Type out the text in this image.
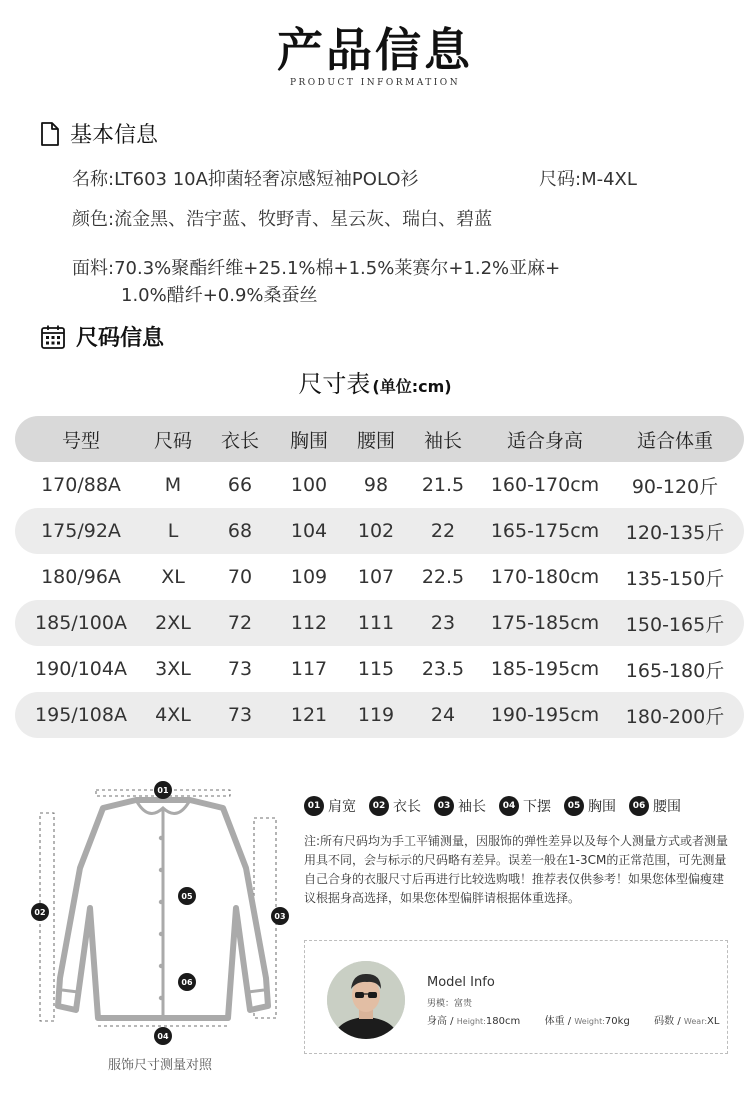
产品信息
PRODUCT INFORMATION
基本信息
名称:LT603 10A抑菌轻奢凉感短袖POLO衫	尺码:M-4XL
颜色:流金黑、浩宇蓝、牧野青、星云灰、瑞白、碧蓝
面料:70.3%聚酯纤维+25.1%棉+1.5%莱赛尔+1.2%亚麻+
1.0%醋纤+0.9%桑蚕丝
尺码信息
尺寸表 (单位:cm)
号型	尺码 衣长 胸围 腰围 袖长 适合身高	适合体重
170/88A M 66 100 98 21.5 160-170cm 90-120斤
175/92A L	68 104 102 22 165-175cm 120-135斤
180/96A XL 70 109 107 22.5 170-180cm 135-150斤
185/100A 2XL 72 112 111 23 175-185cm 150-165斤
190/104A 3XL 73 117 115 23.5 185-195cm 165-180斤
195/108A 4XL 73 121 119 24 190-195cm 180-200斤
01
02	03
04
05
06
服饰尺寸测量对照
01 肩宽	02 衣长	03 袖长	04 下摆	05 胸围	06 腰围
注:所有尺码均为手工平铺测量，因服饰的弹性差异以及每个人测量方式或者测量用具不同，会与标示的尺码略有差异。误差一般在1-3CM的正常范围，可先测量自己合身的衣服尺寸后再进行比较选购哦！推荐表仅供参考！如果您体型偏瘦建议根据身高选择，如果您体型偏胖请根据体重选择。
Model Info
男模：富贵
身高 / Height:180cm 体重 / Weight:70kg 码数 / Wear:XL
